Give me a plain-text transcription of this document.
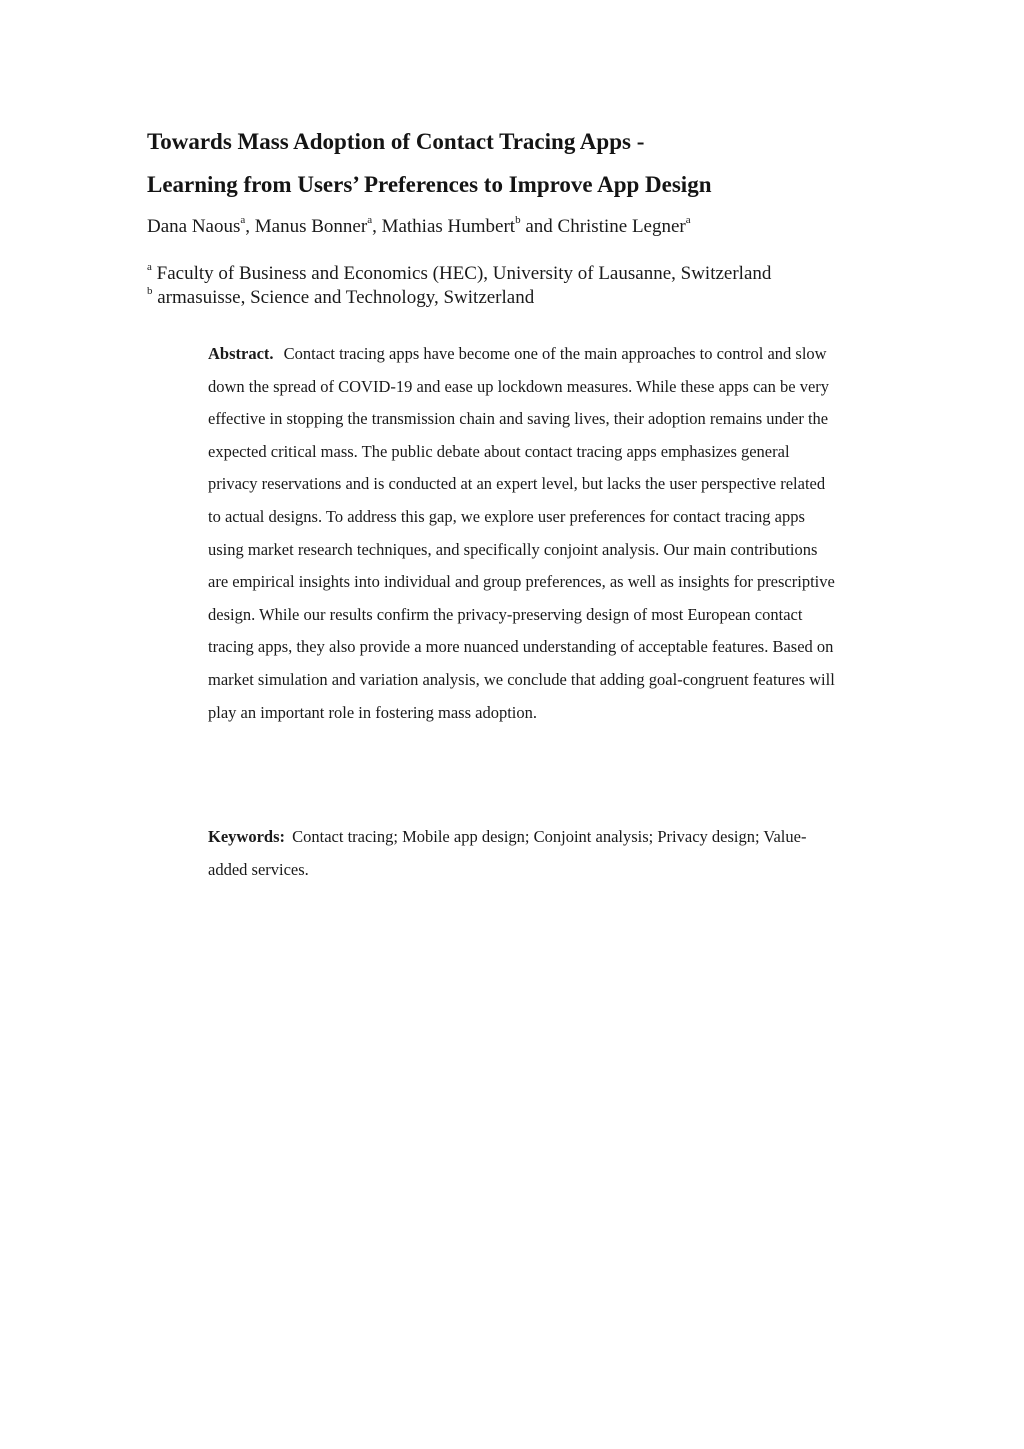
Towards Mass Adoption of Contact Tracing Apps -
Learning from Users’ Preferences to Improve App Design
Dana Naous$^a$, Manus Bonner$^a$, Mathias Humbert$^b$ and Christine Legner$^a$
$^a$ Faculty of Business and Economics (HEC), University of Lausanne, Switzerland
$^b$ armasuisse, Science and Technology, Switzerland

Abstract. Contact tracing apps have become one of the main approaches to control and slow down the spread of COVID-19 and ease up lockdown measures. While these apps can be very effective in stopping the transmission chain and saving lives, their adoption remains under the expected critical mass. The public debate about contact tracing apps emphasizes general privacy reservations and is conducted at an expert level, but lacks the user perspective related to actual designs. To address this gap, we explore user preferences for contact tracing apps using market research techniques, and specifically conjoint analysis. Our main contributions are empirical insights into individual and group preferences, as well as insights for prescriptive design. While our results confirm the privacy-preserving design of most European contact tracing apps, they also provide a more nuanced understanding of acceptable features. Based on market simulation and variation analysis, we conclude that adding goal-congruent features will play an important role in fostering mass adoption.

Keywords: Contact tracing; Mobile app design; Conjoint analysis; Privacy design; Value-added services.
